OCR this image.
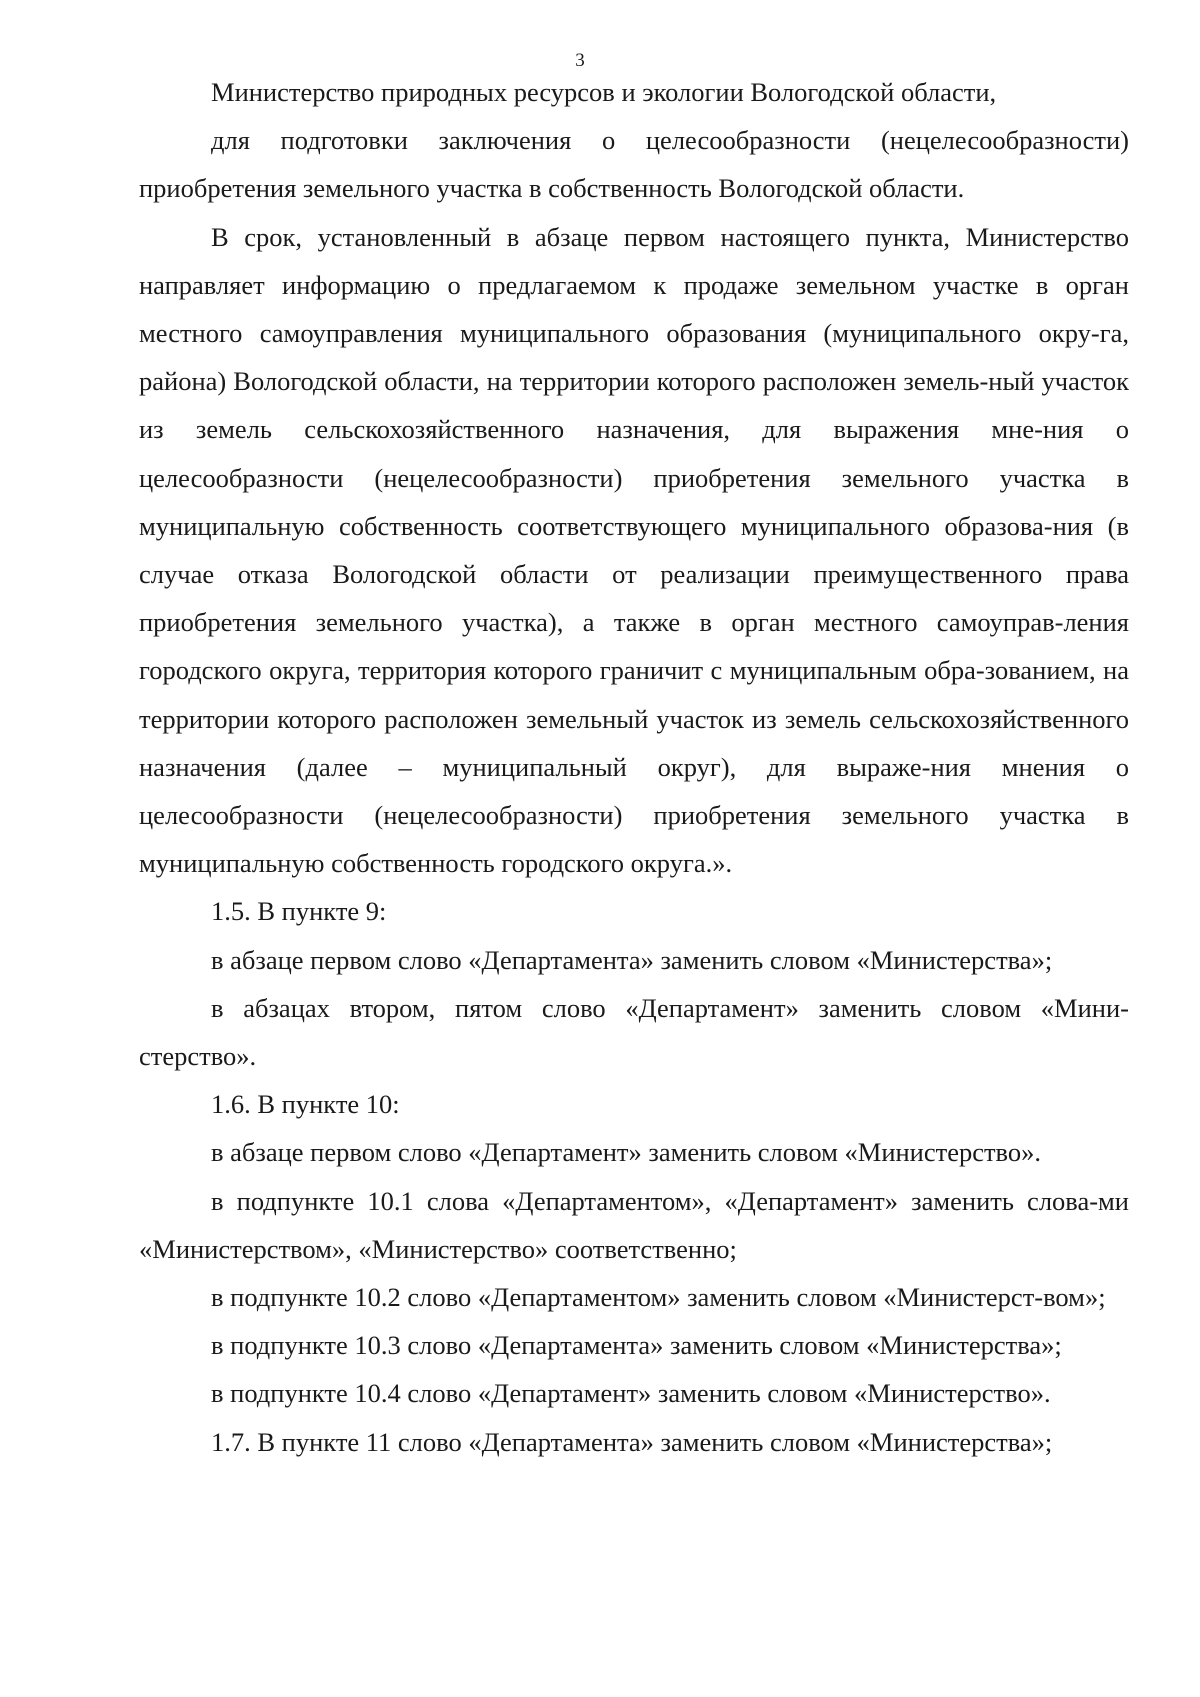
3

Министерство природных ресурсов и экологии Вологодской области,

для подготовки заключения о целесообразности (нецелесообразности) приобретения земельного участка в собственность Вологодской области.

В срок, установленный в абзаце первом настоящего пункта, Министерство направляет информацию о предлагаемом к продаже земельном участке в орган местного самоуправления муниципального образования (муниципального окру-га, района) Вологодской области, на территории которого расположен земель-ный участок из земель сельскохозяйственного назначения, для выражения мне-ния о целесообразности (нецелесообразности) приобретения земельного участка в муниципальную собственность соответствующего муниципального образова-ния (в случае отказа Вологодской области от реализации преимущественного права приобретения земельного участка), а также в орган местного самоуправ-ления городского округа, территория которого граничит с муниципальным обра-зованием, на территории которого расположен земельный участок из земель сельскохозяйственного назначения (далее – муниципальный округ), для выраже-ния мнения о целесообразности (нецелесообразности) приобретения земельного участка в муниципальную собственность городского округа.».

1.5. В пункте 9:

в абзаце первом слово «Департамента» заменить словом «Министерства»;

в абзацах втором, пятом слово «Департамент» заменить словом «Мини-стерство».

1.6. В пункте 10:

в абзаце первом слово «Департамент» заменить словом «Министерство».

в подпункте 10.1 слова «Департаментом», «Департамент» заменить слова-ми «Министерством», «Министерство» соответственно;

в подпункте 10.2 слово «Департаментом» заменить словом «Министерст-вом»;

в подпункте 10.3 слово «Департамента» заменить словом «Министерства»;

в подпункте 10.4 слово «Департамент» заменить словом «Министерство».

1.7. В пункте 11 слово «Департамента» заменить словом «Министерства»;
